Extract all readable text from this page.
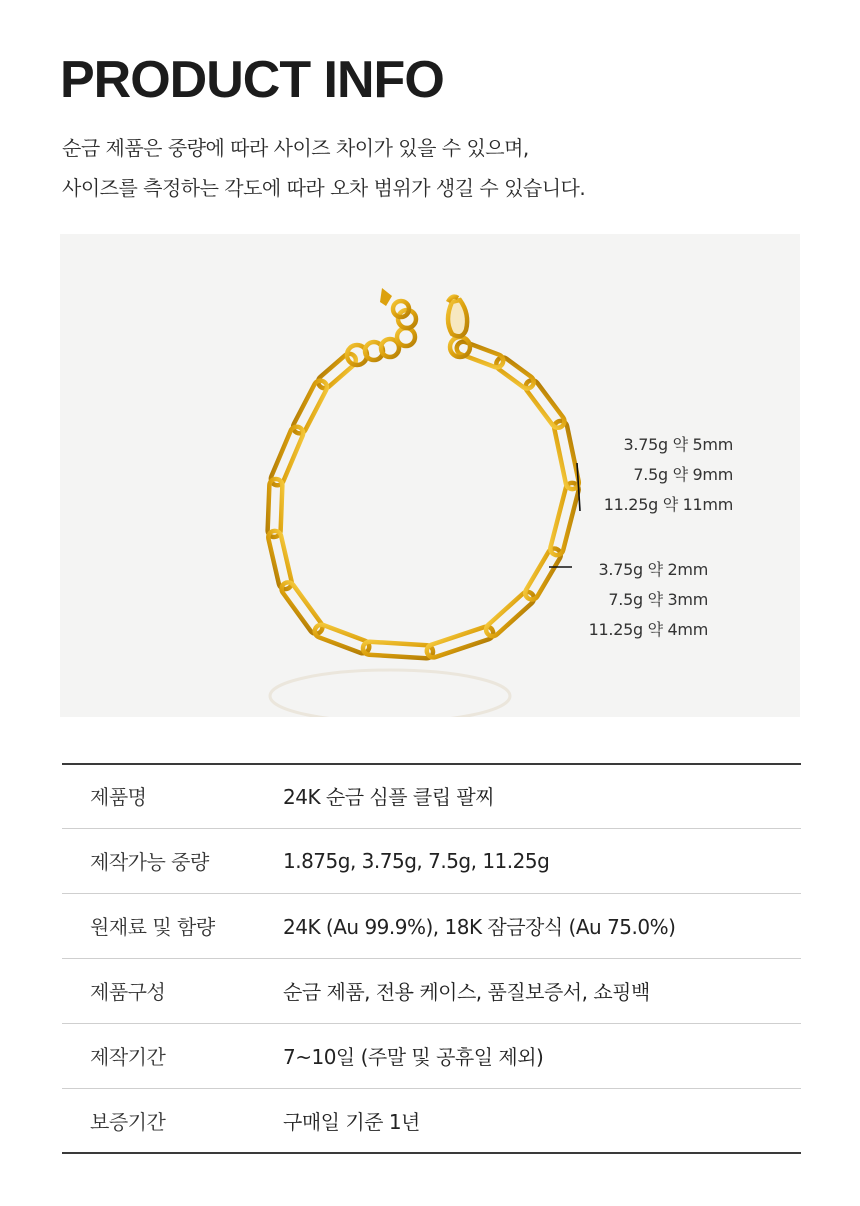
PRODUCT INFO

순금 제품은 중량에 따라 사이즈 차이가 있을 수 있으며,

사이즈를 측정하는 각도에 따라 오차 범위가 생길 수 있습니다.

3.75g 약 5mm
7.5g 약 9mm
11.25g 약 11mm
3.75g 약 2mm
7.5g 약 3mm
11.25g 약 4mm
제품명	24K 순금 심플 클립 팔찌
제작가능 중량	1.875g, 3.75g, 7.5g, 11.25g
원재료 및 함량	24K (Au 99.9%), 18K 잠금장식 (Au 75.0%)
제품구성	순금 제품, 전용 케이스, 품질보증서, 쇼핑백
제작기간	7~10일 (주말 및 공휴일 제외)
보증기간	구매일 기준 1년
